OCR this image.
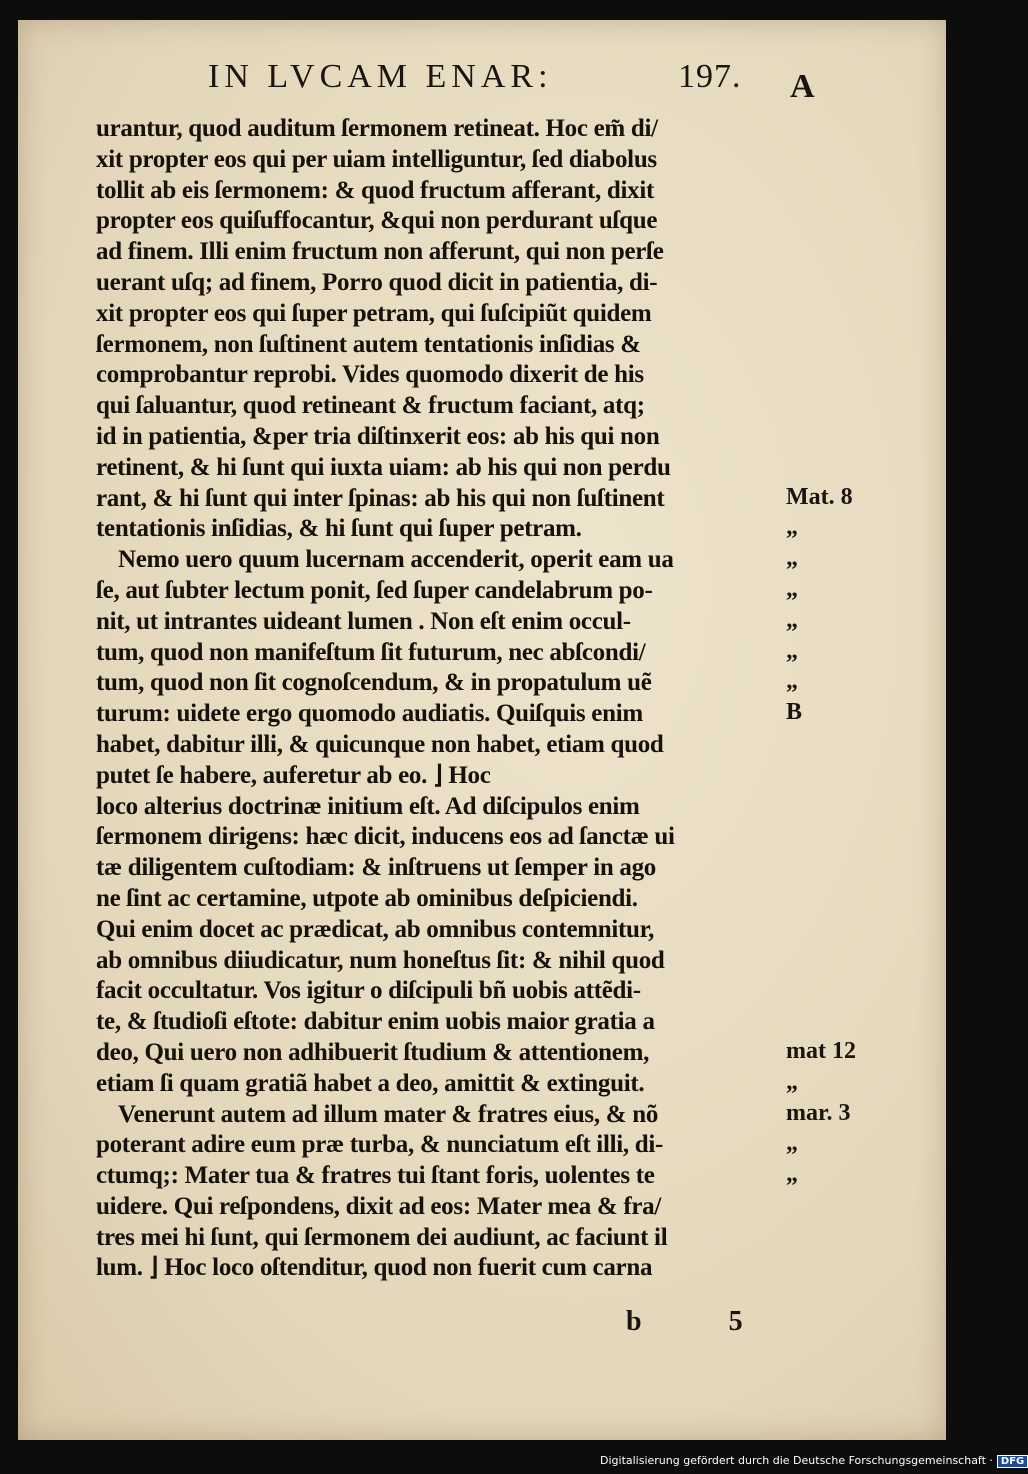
IN LVCAM ENAR:	197.
urantur, quod auditum ſermonem retineat. Hoc em̃ di/
xit propter eos qui per uiam intelliguntur, ſed diabolus
tollit ab eis ſermonem: & quod fructum afferant, dixit
propter eos quiſuffocantur, &qui non perdurant uſque
ad finem. Illi enim fructum non afferunt, qui non perſe
uerant uſq; ad finem, Porro quod dicit in patientia, di-
xit propter eos qui ſuper petram, qui ſuſcipiũt quidem
ſermonem, non ſuſtinent autem tentationis inſidias &
comprobantur reprobi. Vides quomodo dixerit de his
qui ſaluantur, quod retineant & fructum faciant, atq;
id in patientia, &per tria diſtinxerit eos: ab his qui non
retinent, & hi ſunt qui iuxta uiam: ab his qui non perdu
rant, & hi ſunt qui inter ſpinas: ab his qui non ſuſtinent
tentationis inſidias, & hi ſunt qui ſuper petram.
Nemo uero quum lucernam accenderit, operit eam ua
ſe, aut ſubter lectum ponit, ſed ſuper candelabrum po-
nit, ut intrantes uideant lumen . Non eſt enim occul-
tum, quod non manifeſtum ſit futurum, nec abſcondi/
tum, quod non ſit cognoſcendum, & in propatulum uẽ
turum: uidete ergo quomodo audiatis. Quiſquis enim
habet, dabitur illi, & quicunque non habet, etiam quod
putet ſe habere, auferetur ab eo. ⌋ Hoc
loco alterius doctrinæ initium eſt. Ad diſcipulos enim
ſermonem dirigens: hæc dicit, inducens eos ad ſanctæ ui
tæ diligentem cuſtodiam: & inſtruens ut ſemper in ago
ne ſint ac certamine, utpote ab ominibus deſpiciendi.
Qui enim docet ac prædicat, ab omnibus contemnitur,
ab omnibus diiudicatur, num honeſtus ſit: & nihil quod
facit occultatur. Vos igitur o diſcipuli bñ uobis attẽdi-
te, & ſtudioſi eſtote: dabitur enim uobis maior gratia a
deo, Qui uero non adhibuerit ſtudium & attentionem,
etiam ſi quam gratiã habet a deo, amittit & extinguit.
Venerunt autem ad illum mater & fratres eius, & nõ
poterant adire eum præ turba, & nunciatum eſt illi, di-
ctumq;: Mater tua & fratres tui ſtant foris, uolentes te
uidere. Qui reſpondens, dixit ad eos: Mater mea & fra/
tres mei hi ſunt, qui ſermonem dei audiunt, ac faciunt il
lum. ⌋ Hoc loco oſtenditur, quod non fuerit cum carna
Mat. 8
„
„
„
„
„
„
B
mat 12
„
mar. 3
„
„
b 5
A
Digitalisierung gefördert durch die Deutsche Forschungsgemeinschaft · DFG
